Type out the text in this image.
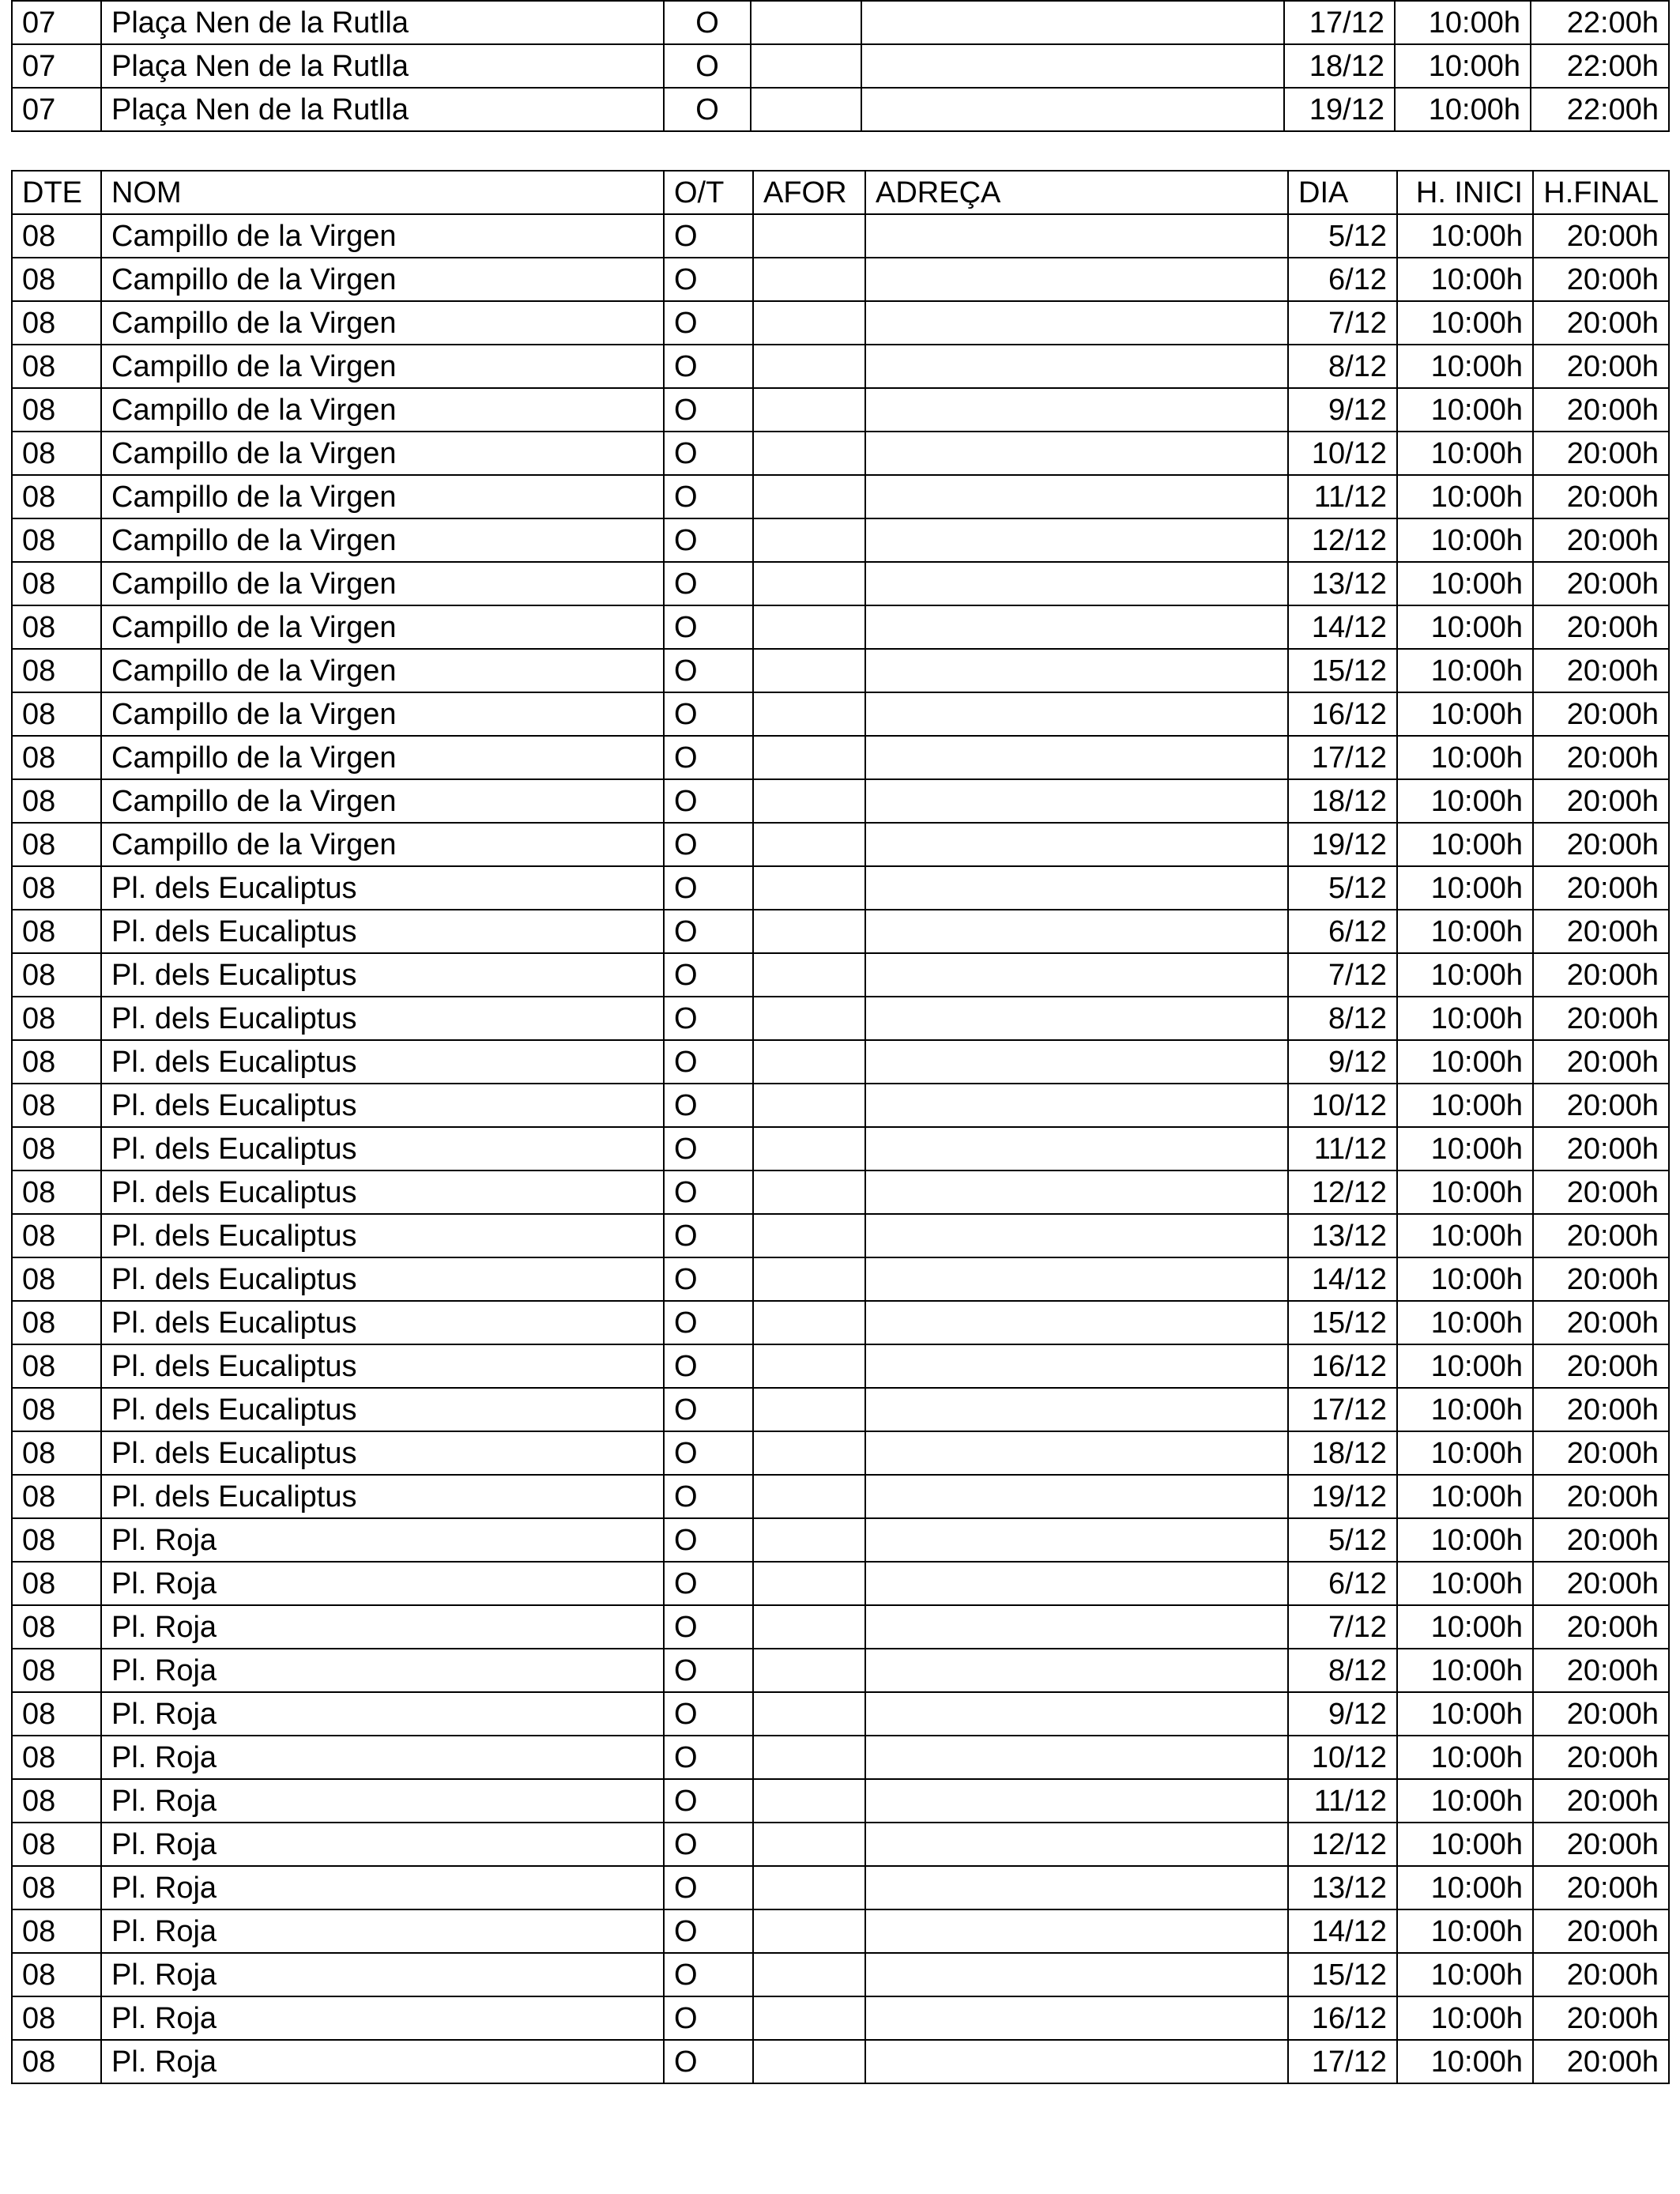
07	Plaça Nen de la Rutlla	O			17/12	10:00h	22:00h
07	Plaça Nen de la Rutlla	O			18/12	10:00h	22:00h
07	Plaça Nen de la Rutlla	O			19/12	10:00h	22:00h
DTE	NOM	O/T	AFOR	ADREÇA	DIA	H. INICI	H.FINAL
08	Campillo de la Virgen	O			5/12	10:00h	20:00h
08	Campillo de la Virgen	O			6/12	10:00h	20:00h
08	Campillo de la Virgen	O			7/12	10:00h	20:00h
08	Campillo de la Virgen	O			8/12	10:00h	20:00h
08	Campillo de la Virgen	O			9/12	10:00h	20:00h
08	Campillo de la Virgen	O			10/12	10:00h	20:00h
08	Campillo de la Virgen	O			11/12	10:00h	20:00h
08	Campillo de la Virgen	O			12/12	10:00h	20:00h
08	Campillo de la Virgen	O			13/12	10:00h	20:00h
08	Campillo de la Virgen	O			14/12	10:00h	20:00h
08	Campillo de la Virgen	O			15/12	10:00h	20:00h
08	Campillo de la Virgen	O			16/12	10:00h	20:00h
08	Campillo de la Virgen	O			17/12	10:00h	20:00h
08	Campillo de la Virgen	O			18/12	10:00h	20:00h
08	Campillo de la Virgen	O			19/12	10:00h	20:00h
08	Pl. dels Eucaliptus	O			5/12	10:00h	20:00h
08	Pl. dels Eucaliptus	O			6/12	10:00h	20:00h
08	Pl. dels Eucaliptus	O			7/12	10:00h	20:00h
08	Pl. dels Eucaliptus	O			8/12	10:00h	20:00h
08	Pl. dels Eucaliptus	O			9/12	10:00h	20:00h
08	Pl. dels Eucaliptus	O			10/12	10:00h	20:00h
08	Pl. dels Eucaliptus	O			11/12	10:00h	20:00h
08	Pl. dels Eucaliptus	O			12/12	10:00h	20:00h
08	Pl. dels Eucaliptus	O			13/12	10:00h	20:00h
08	Pl. dels Eucaliptus	O			14/12	10:00h	20:00h
08	Pl. dels Eucaliptus	O			15/12	10:00h	20:00h
08	Pl. dels Eucaliptus	O			16/12	10:00h	20:00h
08	Pl. dels Eucaliptus	O			17/12	10:00h	20:00h
08	Pl. dels Eucaliptus	O			18/12	10:00h	20:00h
08	Pl. dels Eucaliptus	O			19/12	10:00h	20:00h
08	Pl. Roja	O			5/12	10:00h	20:00h
08	Pl. Roja	O			6/12	10:00h	20:00h
08	Pl. Roja	O			7/12	10:00h	20:00h
08	Pl. Roja	O			8/12	10:00h	20:00h
08	Pl. Roja	O			9/12	10:00h	20:00h
08	Pl. Roja	O			10/12	10:00h	20:00h
08	Pl. Roja	O			11/12	10:00h	20:00h
08	Pl. Roja	O			12/12	10:00h	20:00h
08	Pl. Roja	O			13/12	10:00h	20:00h
08	Pl. Roja	O			14/12	10:00h	20:00h
08	Pl. Roja	O			15/12	10:00h	20:00h
08	Pl. Roja	O			16/12	10:00h	20:00h
08	Pl. Roja	O			17/12	10:00h	20:00h
